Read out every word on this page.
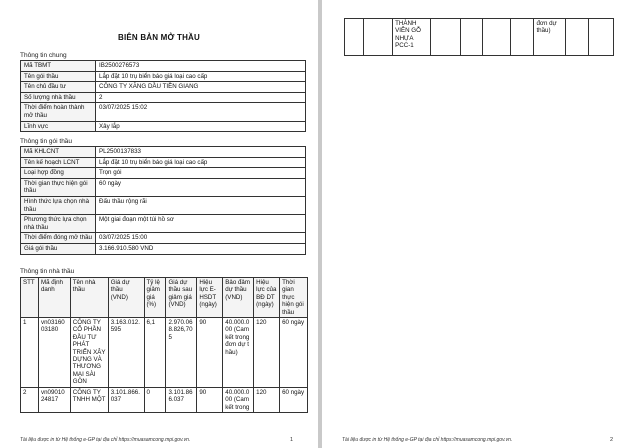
BIÊN BẢN MỞ THẦU
Thông tin chung
Mã TBMT	IB2500276573
Tên gói thầu	Lắp đặt 10 trụ biển báo giá loại cao cấp
Tên chủ đầu tư	CÔNG TY XĂNG DẦU TIỀN GIANG
Số lượng nhà thầu	2
Thời điểm hoàn thành mở thầu	03/07/2025 15:02
Lĩnh vực	Xây lắp
Thông tin gói thầu
Mã KHLCNT	PL2500137833
Tên kế hoạch LCNT	Lắp đặt 10 trụ biển báo giá loại cao cấp
Loại hợp đồng	Trọn gói
Thời gian thực hiện gói thầu	60 ngày
Hình thức lựa chọn nhà thầu	Đấu thầu rộng rãi
Phương thức lựa chọn nhà thầu	Một giai đoạn một túi hồ sơ
Thời điểm đóng mở thầu	03/07/2025 15:00
Giá gói thầu	3.166.910.580 VND
Thông tin nhà thầu
STT	Mã định danh	Tên nhà thầu	Giá dự thầu (VND)	Tỷ lệ giảm giá (%)	Giá dự thầu sau giảm giá (VND)	Hiệu lực E-HSDT (ngày)	Bảo đảm dự thầu (VND)	Hiệu lực của BĐ DT (ngày)	Thời gian thực hiện gói thầu
1	vn0316003180	CÔNG TY CỔ PHẦN ĐẦU TƯ PHÁT TRIỂN XÂY DỰNG VÀ THƯƠNG MẠI SÀI GÒN	3.163.012.595	6,1	2.970.068.826,705	90	40.000.000 (Cam kết trong đơn dự thầu)	120	60 ngày
2	vn0901024817	CÔNG TY TNHH MỘT	3.101.866.037	0	3.101.866.037	90	40.000.000 (Cam kết trong	120	60 ngày
Tài liệu được in từ Hệ thống e-GP tại địa chỉ https://muasamcong.mpi.gov.vn.	1
		THÀNH VIÊN GỖ NHỰA PCC-1					đơn dự thầu)		
Tài liệu được in từ Hệ thống e-GP tại địa chỉ https://muasamcong.mpi.gov.vn.	2
